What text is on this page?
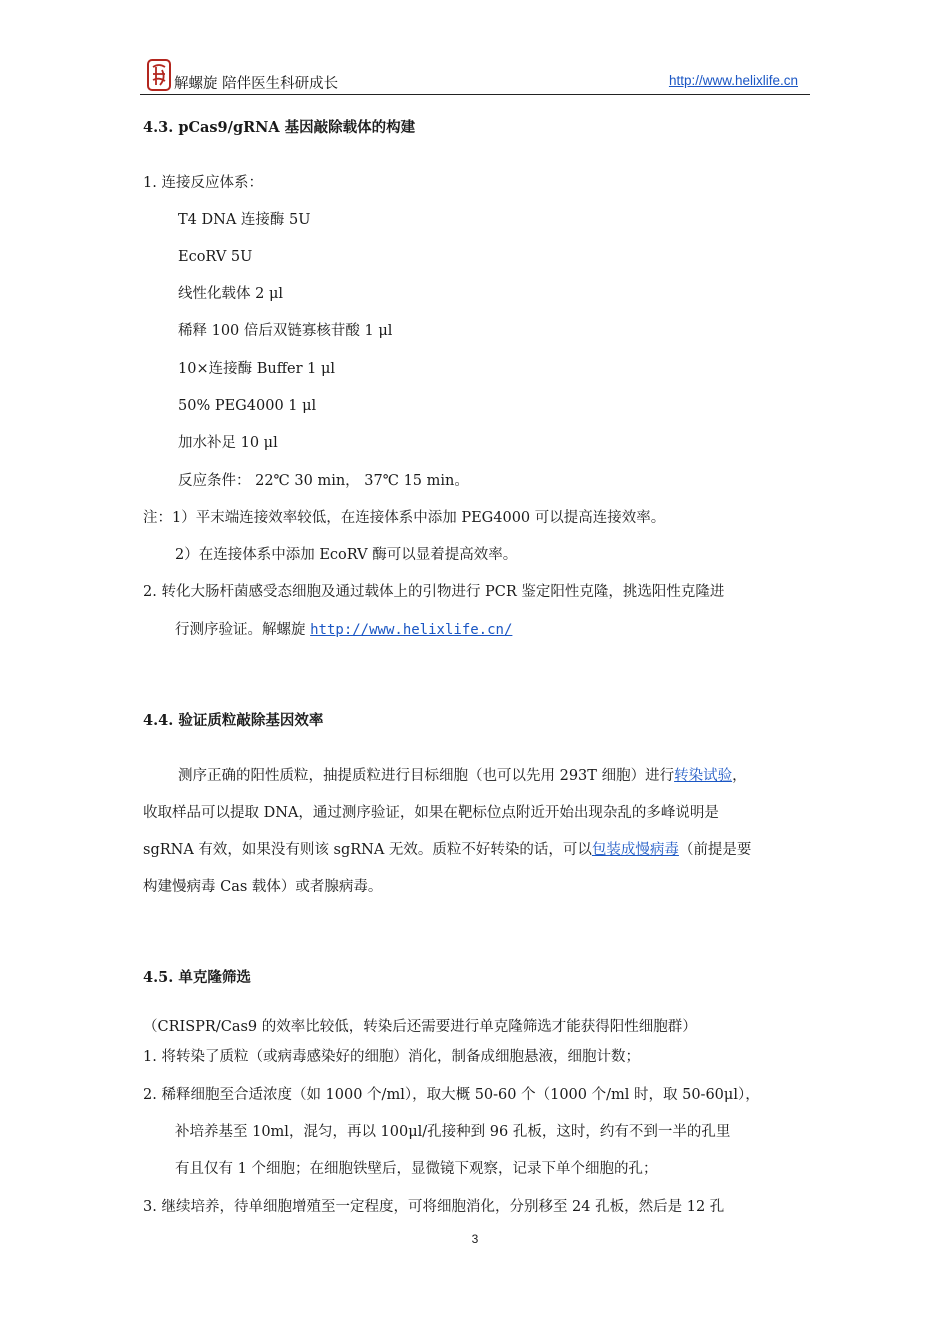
解螺旋 陪伴医生科研成长	http://www.helixlife.cn
4.3. pCas9/gRNA 基因敲除载体的构建
1. 连接反应体系：
T4 DNA 连接酶 5U
EcoRV 5U
线性化载体 2 μl
稀释 100 倍后双链寡核苷酸 1 μl
10×连接酶 Buffer 1 μl
50% PEG4000 1 μl
加水补足 10 μl
反应条件： 22℃ 30 min， 37℃ 15 min。
注：1）平末端连接效率较低，在连接体系中添加 PEG4000 可以提高连接效率。
2）在连接体系中添加 EcoRV 酶可以显着提高效率。
2. 转化大肠杆菌感受态细胞及通过载体上的引物进行 PCR 鉴定阳性克隆，挑选阳性克隆进
行测序验证。解螺旋 http://www.helixlife.cn/
4.4. 验证质粒敲除基因效率
测序正确的阳性质粒，抽提质粒进行目标细胞（也可以先用 293T 细胞）进行转染试验，
收取样品可以提取 DNA，通过测序验证，如果在靶标位点附近开始出现杂乱的多峰说明是
sgRNA 有效，如果没有则该 sgRNA 无效。质粒不好转染的话，可以包装成慢病毒（前提是要
构建慢病毒 Cas 载体）或者腺病毒。
4.5. 单克隆筛选
（CRISPR/Cas9 的效率比较低，转染后还需要进行单克隆筛选才能获得阳性细胞群）
1. 将转染了质粒（或病毒感染好的细胞）消化，制备成细胞悬液，细胞计数；
2. 稀释细胞至合适浓度（如 1000 个/ml），取大概 50-60 个（1000 个/ml 时，取 50-60μl），
补培养基至 10ml，混匀，再以 100μl/孔接种到 96 孔板，这时，约有不到一半的孔里
有且仅有 1 个细胞；在细胞铁壁后，显微镜下观察，记录下单个细胞的孔；
3. 继续培养，待单细胞增殖至一定程度，可将细胞消化，分别移至 24 孔板，然后是 12 孔
3
